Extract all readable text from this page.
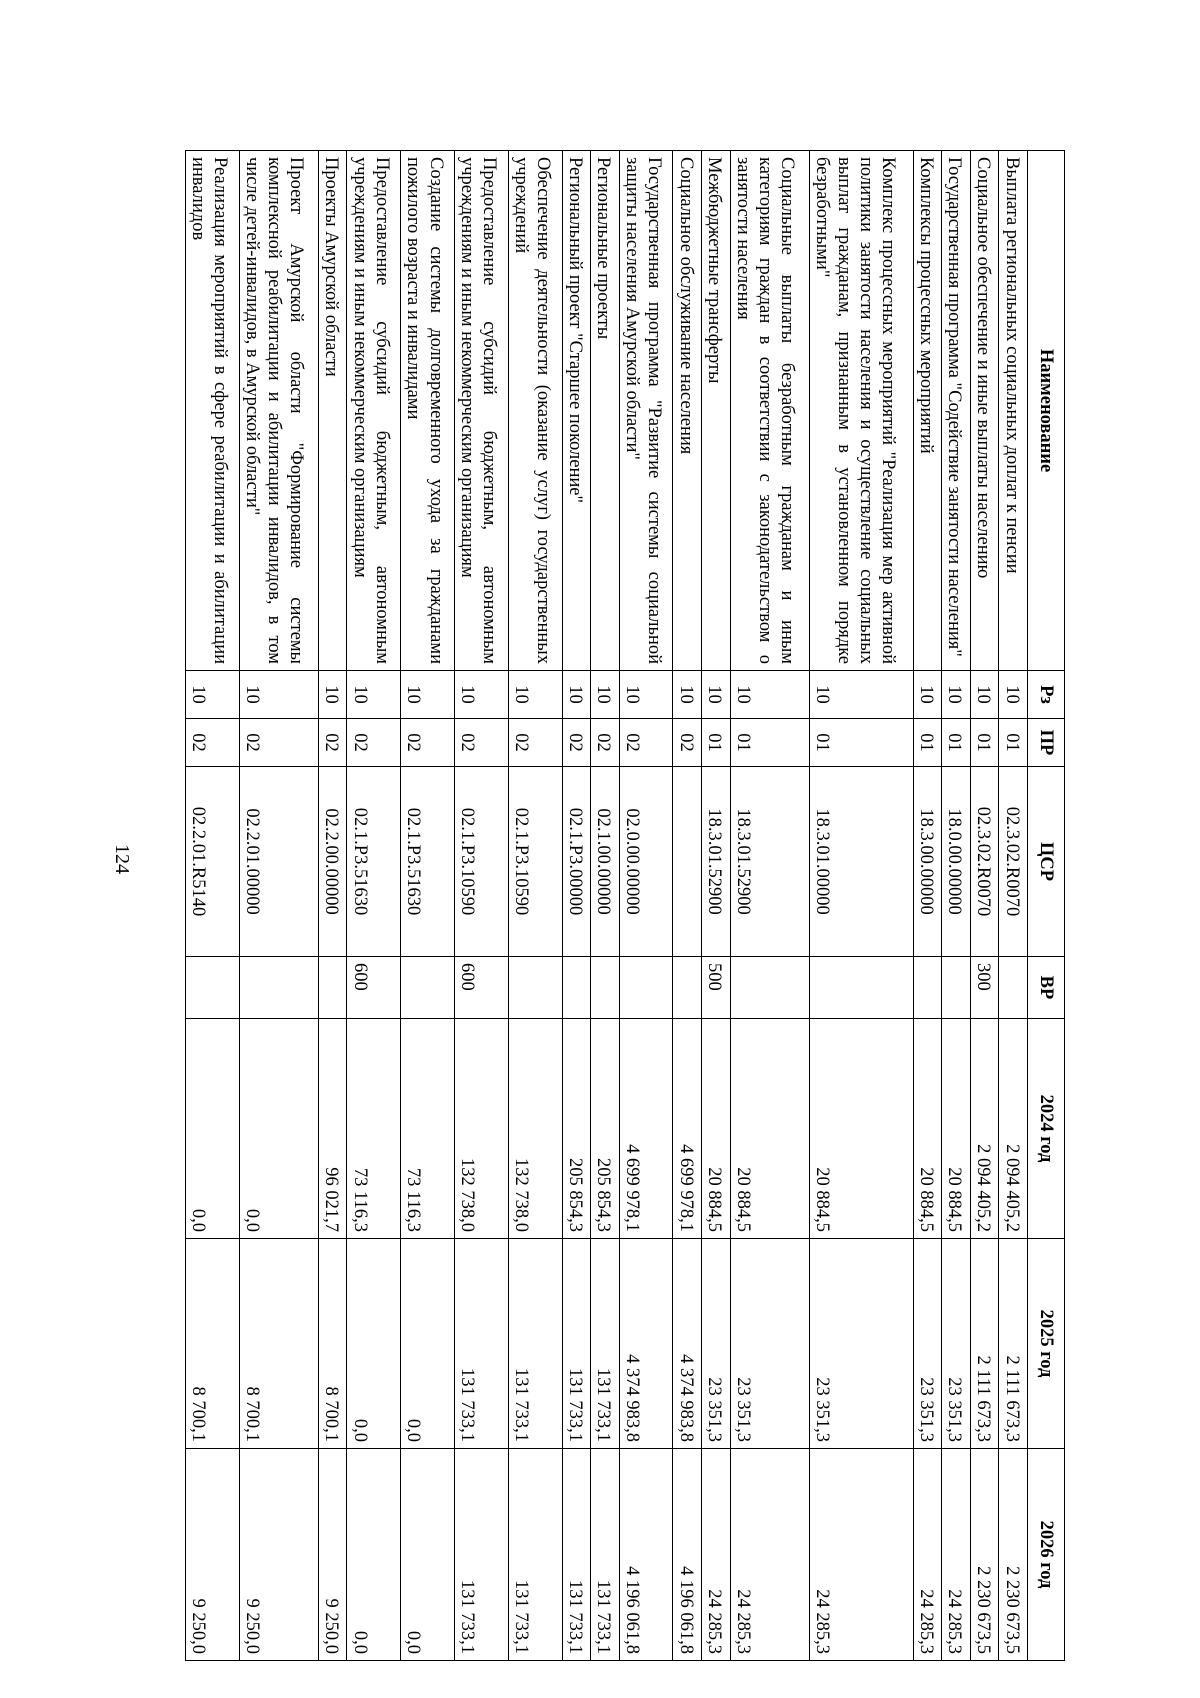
124
Наименование	Рз	ПР	ЦСР	ВР	2024 год	2025 год	2026 год
Выплата региональных социальных доплат к пенсии	10	01	02.3.02.R0070		2 094 405,2	2 111 673,3	2 230 673,5
Социальное обеспечение и иные выплаты населению	10	01	02.3.02.R0070	300	2 094 405,2	2 111 673,3	2 230 673,5
Государственная программа "Содействие занятости населения"	10	01	18.0.00.00000		20 884,5	23 351,3	24 285,3
Комплексы процессных мероприятий	10	01	18.3.00.00000		20 884,5	23 351,3	24 285,3
Комплекс процессных мероприятий "Реализация мер активной политики занятости населения и осуществление социальных выплат гражданам, признанным в установленном порядке безработными"	10	01	18.3.01.00000		20 884,5	23 351,3	24 285,3
Социальные выплаты безработным гражданам и иным категориям граждан в соответствии с законодательством о занятости населения	10	01	18.3.01.52900		20 884,5	23 351,3	24 285,3
Межбюджетные трансферты	10	01	18.3.01.52900	500	20 884,5	23 351,3	24 285,3
Социальное обслуживание населения	10	02			4 699 978,1	4 374 983,8	4 196 061,8
Государственная программа "Развитие системы социальной защиты населения Амурской области"	10	02	02.0.00.00000		4 699 978,1	4 374 983,8	4 196 061,8
Региональные проекты	10	02	02.1.00.00000		205 854,3	131 733,1	131 733,1
Региональный проект "Старшее поколение"	10	02	02.1.P3.00000		205 854,3	131 733,1	131 733,1
Обеспечение деятельности (оказание услуг) государственных учреждений	10	02	02.1.P3.10590		132 738,0	131 733,1	131 733,1
Предоставление субсидий бюджетным, автономным учреждениям и иным некоммерческим организациям	10	02	02.1.P3.10590	600	132 738,0	131 733,1	131 733,1
Создание системы долговременного ухода за гражданами пожилого возраста и инвалидами	10	02	02.1.P3.51630		73 116,3	0,0	0,0
Предоставление субсидий бюджетным, автономным учреждениям и иным некоммерческим организациям	10	02	02.1.P3.51630	600	73 116,3	0,0	0,0
Проекты Амурской области	10	02	02.2.00.00000		96 021,7	8 700,1	9 250,0
Проект Амурской области "Формирование системы комплексной реабилитации и абилитации инвалидов, в том числе детей-инвалидов, в Амурской области"	10	02	02.2.01.00000		0,0	8 700,1	9 250,0
Реализация мероприятий в сфере реабилитации и абилитации инвалидов	10	02	02.2.01.R5140		0,0	8 700,1	9 250,0
